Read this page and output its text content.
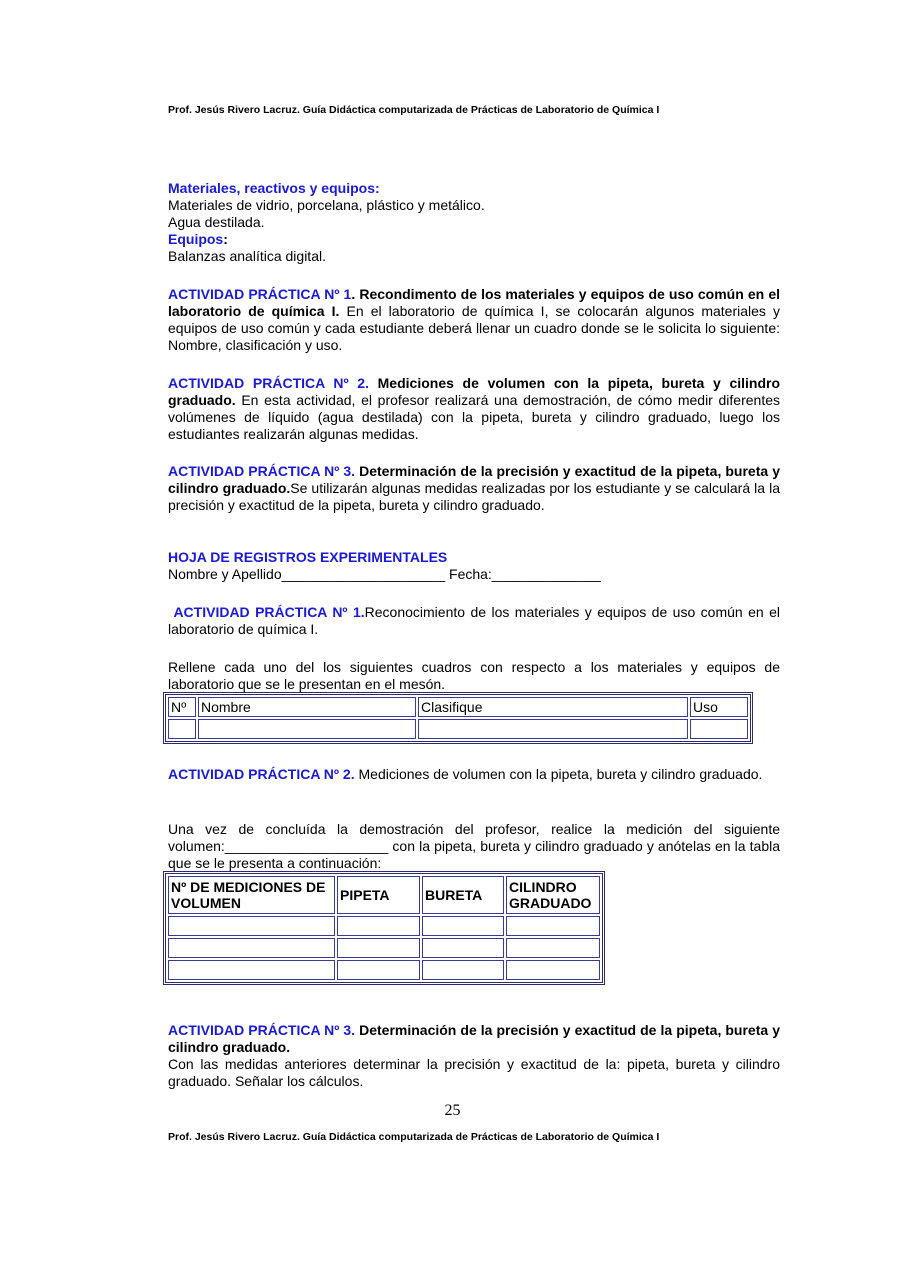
Prof. Jesús Rivero Lacruz. Guía Didáctica computarizada de Prácticas de Laboratorio de Química I
Materiales, reactivos y equipos:
Materiales de vidrio, porcelana, plástico y metálico.
Agua destilada.
Equipos:
Balanzas analítica digital.
ACTIVIDAD PRÁCTICA Nº 1. Recondimento de los materiales y equipos de uso común en el laboratorio de química I. En el laboratorio de química I, se colocarán algunos materiales y equipos de uso común y cada estudiante deberá llenar un cuadro donde se le solicita lo siguiente: Nombre, clasificación y uso.
ACTIVIDAD PRÁCTICA Nº 2. Mediciones de volumen con la pipeta, bureta y cilindro graduado. En esta actividad, el profesor realizará una demostración, de cómo medir diferentes volúmenes de líquido (agua destilada) con la pipeta, bureta y cilindro graduado, luego los estudiantes realizarán algunas medidas.
ACTIVIDAD PRÁCTICA Nº 3. Determinación de la precisión y exactitud de la pipeta, bureta y cilindro graduado.Se utilizarán algunas medidas realizadas por los estudiante y se calculará la la precisión y exactitud de la pipeta, bureta y cilindro graduado.
HOJA DE REGISTROS EXPERIMENTALES
Nombre y Apellido_____________________ Fecha:______________
ACTIVIDAD PRÁCTICA Nº 1.Reconocimiento de los materiales y equipos de uso común en el laboratorio de química I.
Rellene cada uno del los siguientes cuadros con respecto a los materiales y equipos de laboratorio que se le presentan en el mesón.
Nº	Nombre	Clasifique	Uso

ACTIVIDAD PRÁCTICA Nº 2. Mediciones de volumen con la pipeta, bureta y cilindro graduado.
Una vez de concluída la demostración del profesor, realice la medición del siguiente volumen:_____________________ con la pipeta, bureta y cilindro graduado y anótelas en la tabla que se le presenta a continuación:
Nº DE MEDICIONES DE VOLUMEN	PIPETA	BURETA	CILINDRO GRADUADO

ACTIVIDAD PRÁCTICA Nº 3. Determinación de la precisión y exactitud de la pipeta, bureta y cilindro graduado.
Con las medidas anteriores determinar la precisión y exactitud de la: pipeta, bureta y cilindro graduado. Señalar los cálculos.
25
Prof. Jesús Rivero Lacruz. Guía Didáctica computarizada de Prácticas de Laboratorio de Química I
